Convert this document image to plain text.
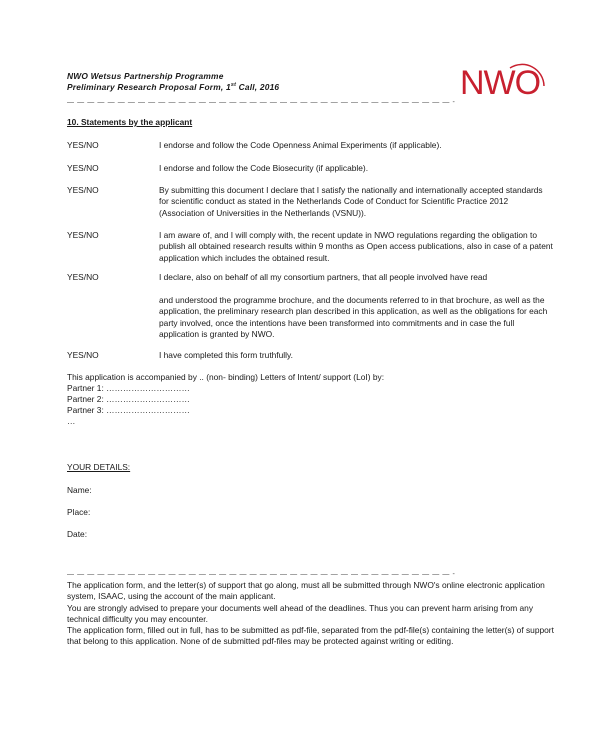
NWO Wetsus Partnership Programme
Preliminary Research Proposal Form, 1st Call, 2016	NWO
— — — — — — — — — — — — — — — — — — — — — — — — — — — — — — — — — — — — — — -
10. Statements by the applicant
YES/NO	I endorse and follow the Code Openness Animal Experiments (if applicable).
YES/NO	I endorse and follow the Code Biosecurity (if applicable).
YES/NO	By submitting this document I declare that I satisfy the nationally and internationally accepted standards for scientific conduct as stated in the Netherlands Code of Conduct for Scientific Practice 2012 (Association of Universities in the Netherlands (VSNU)).
YES/NO	I am aware of, and I will comply with, the recent update in NWO regulations regarding the obligation to publish all obtained research results within 9 months as Open access publications, also in case of a patent application which includes the obtained result.
YES/NO	I declare, also on behalf of all my consortium partners, that all people involved have read
and understood the programme brochure, and the documents referred to in that brochure, as well as the application, the preliminary research plan described in this application, as well as the obligations for each party involved, once the intentions have been transformed into commitments and in case the full application is granted by NWO.
YES/NO	I have completed this form truthfully.
This application is accompanied by .. (non- binding) Letters of Intent/ support (LoI) by:
Partner 1: …………………………
Partner 2: …………………………
Partner 3: …………………………
…
YOUR DETAILS:
Name:
Place:
Date:
— — — — — — — — — — — — — — — — — — — — — — — — — — — — — — — — — — — — — — -
The application form, and the letter(s) of support that go along, must all be submitted through NWO's online electronic application system, ISAAC, using the account of the main applicant.
You are strongly advised to prepare your documents well ahead of the deadlines. Thus you can prevent harm arising from any technical difficulty you may encounter.
The application form, filled out in full, has to be submitted as pdf-file, separated from the pdf-file(s) containing the letter(s) of support that belong to this application. None of de submitted pdf-files may be protected against writing or editing.
